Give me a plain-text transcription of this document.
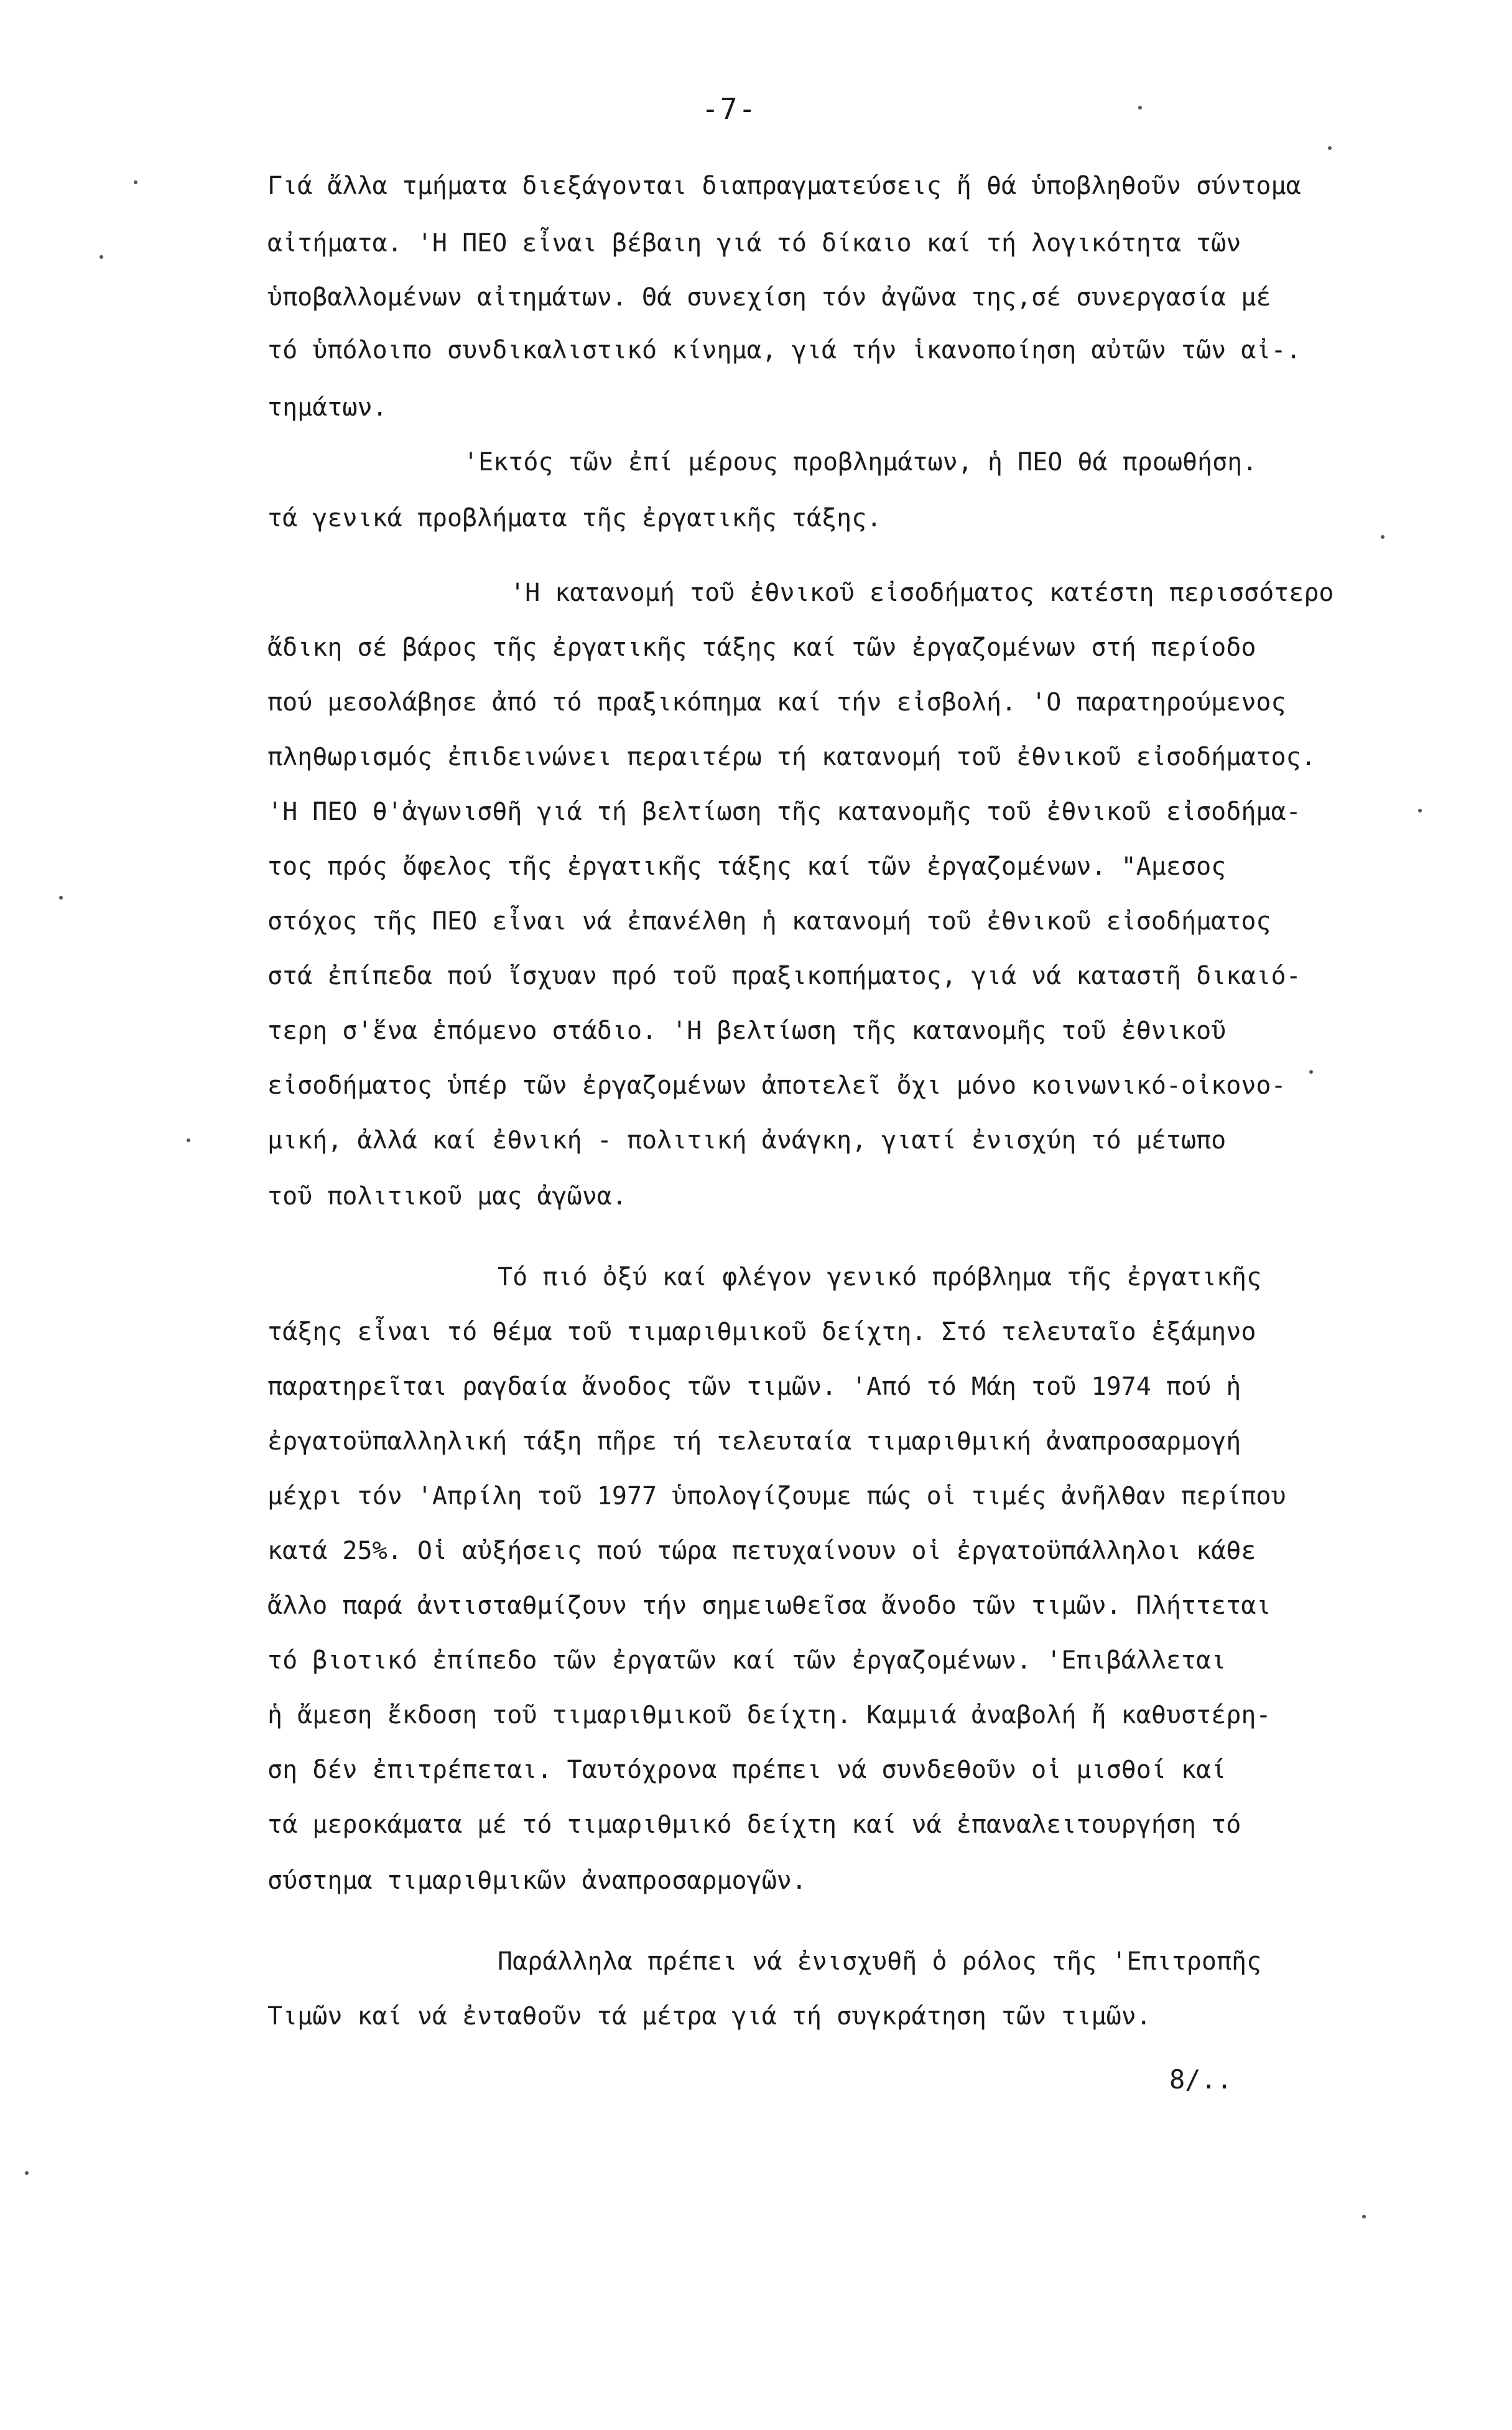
-7-
Γιά ἄλλα τμήματα διεξάγονται διαπραγματεύσεις ἤ θά ὑποβληθοῦν σύντομα
αἰτήματα. 'Η ΠΕΟ εἶναι βέβαιη γιά τό δίκαιο καί τή λογικότητα τῶν
ὑποβαλλομένων αἰτημάτων. Θά συνεχίση τόν ἀγῶνα της,σέ συνεργασία μέ
τό ὑπόλοιπο συνδικαλιστικό κίνημα, γιά τήν ἱκανοποίηση αὐτῶν τῶν αἰ-.
τημάτων.
'Εκτός τῶν ἐπί μέρους προβλημάτων, ἡ ΠΕΟ θά προωθήση.
τά γενικά προβλήματα τῆς ἐργατικῆς τάξης.
'Η κατανομή τοῦ ἐθνικοῦ εἰσοδήματος κατέστη περισσότερο
ἄδικη σέ βάρος τῆς ἐργατικῆς τάξης καί τῶν ἐργαζομένων στή περίοδο
πού μεσολάβησε ἀπό τό πραξικόπημα καί τήν εἰσβολή. 'Ο παρατηρούμενος
πληθωρισμός ἐπιδεινώνει περαιτέρω τή κατανομή τοῦ ἐθνικοῦ εἰσοδήματος.
'Η ΠΕΟ θ'ἀγωνισθῆ γιά τή βελτίωση τῆς κατανομῆς τοῦ ἐθνικοῦ εἰσοδήμα-
τος πρός ὄφελος τῆς ἐργατικῆς τάξης καί τῶν ἐργαζομένων. "Αμεσος
στόχος τῆς ΠΕΟ εἶναι νά ἐπανέλθη ἡ κατανομή τοῦ ἐθνικοῦ εἰσοδήματος
στά ἐπίπεδα πού ἴσχυαν πρό τοῦ πραξικοπήματος, γιά νά καταστῆ δικαιό-
τερη σ'ἕνα ἑπόμενο στάδιο. 'Η βελτίωση τῆς κατανομῆς τοῦ ἐθνικοῦ
εἰσοδήματος ὑπέρ τῶν ἐργαζομένων ἀποτελεῖ ὄχι μόνο κοινωνικό-οἰκονο-
μική, ἀλλά καί ἐθνική - πολιτική ἀνάγκη, γιατί ἐνισχύη τό μέτωπο
τοῦ πολιτικοῦ μας ἀγῶνα.
Τό πιό ὀξύ καί φλέγον γενικό πρόβλημα τῆς ἐργατικῆς
τάξης εἶναι τό θέμα τοῦ τιμαριθμικοῦ δείχτη. Στό τελευταῖο ἑξάμηνο
παρατηρεῖται ραγδαία ἄνοδος τῶν τιμῶν. 'Από τό Μάη τοῦ 1974 πού ἡ
ἐργατοϋπαλληλική τάξη πῆρε τή τελευταία τιμαριθμική ἀναπροσαρμογή
μέχρι τόν 'Απρίλη τοῦ 1977 ὑπολογίζουμε πώς οἱ τιμές ἀνῆλθαν περίπου
κατά 25%. Οἱ αὐξήσεις πού τώρα πετυχαίνουν οἱ ἐργατοϋπάλληλοι κάθε
ἄλλο παρά ἀντισταθμίζουν τήν σημειωθεῖσα ἄνοδο τῶν τιμῶν. Πλήττεται
τό βιοτικό ἐπίπεδο τῶν ἐργατῶν καί τῶν ἐργαζομένων. 'Επιβάλλεται
ἡ ἄμεση ἔκδοση τοῦ τιμαριθμικοῦ δείχτη. Καμμιά ἀναβολή ἤ καθυστέρη-
ση δέν ἐπιτρέπεται. Ταυτόχρονα πρέπει νά συνδεθοῦν οἱ μισθοί καί
τά μεροκάματα μέ τό τιμαριθμικό δείχτη καί νά ἐπαναλειτουργήση τό
σύστημα τιμαριθμικῶν ἀναπροσαρμογῶν.
Παράλληλα πρέπει νά ἐνισχυθῆ ὁ ρόλος τῆς 'Επιτροπῆς
Τιμῶν καί νά ἐνταθοῦν τά μέτρα γιά τή συγκράτηση τῶν τιμῶν.
8/..
